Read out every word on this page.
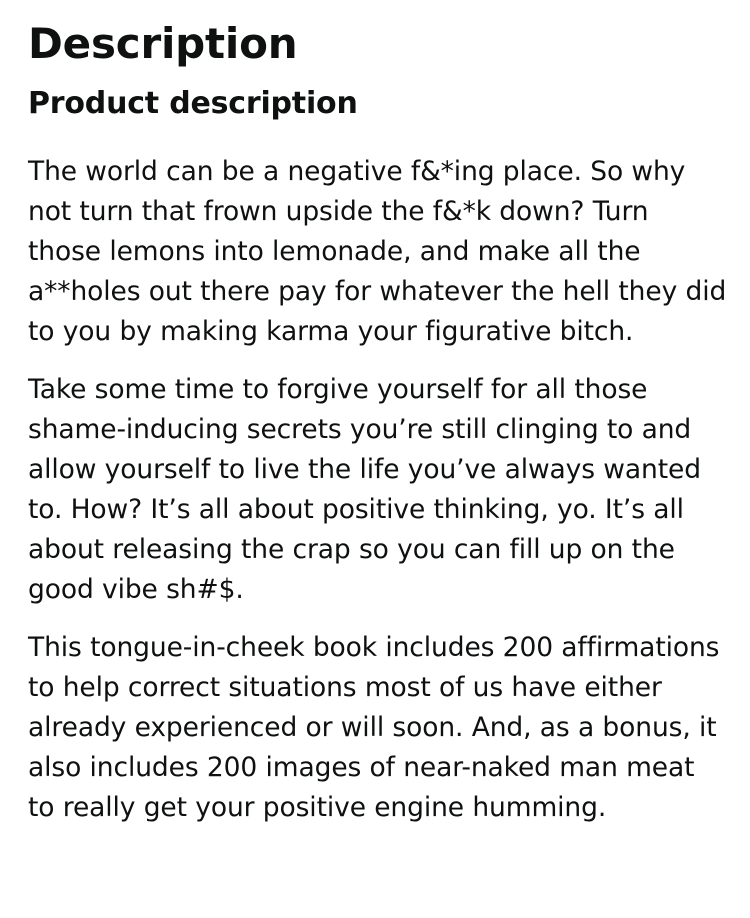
Description
Product description

The world can be a negative f&*ing place. So why not turn that frown upside the f&*k down? Turn those lemons into lemonade, and make all the a**holes out there pay for whatever the hell they did to you by making karma your figurative bitch.

Take some time to forgive yourself for all those shame-inducing secrets you’re still clinging to and allow yourself to live the life you’ve always wanted to. How? It’s all about positive thinking, yo. It’s all about releasing the crap so you can fill up on the good vibe sh#$.

This tongue-in-cheek book includes 200 affirmations to help correct situations most of us have either already experienced or will soon. And, as a bonus, it also includes 200 images of near-naked man meat to really get your positive engine humming.
